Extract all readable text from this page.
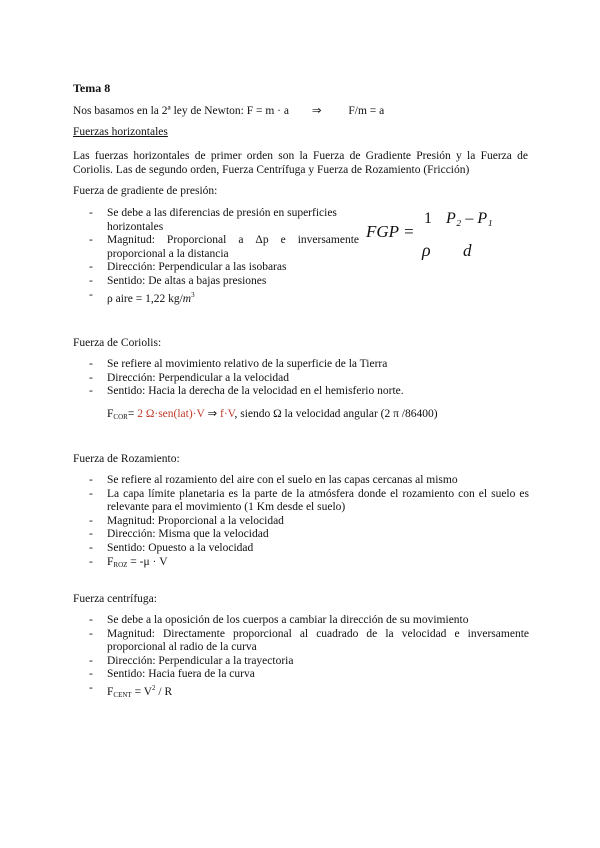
Tema 8
Nos basamos en la 2ª ley de Newton: F = m · a ⇒ F/m = a
Fuerzas horizontales
Las fuerzas horizontales de primer orden son la Fuerza de Gradiente Presión y la Fuerza de Coriolis. Las de segundo orden, Fuerza Centrífuga y Fuerza de Rozamiento (Fricción)
Fuerza de gradiente de presión:
- Se debe a las diferencias de presión en superficies horizontales
- Magnitud: Proporcional a Δp e inversamente proporcional a la distancia
- Dirección: Perpendicular a las isobaras
- Sentido: De altas a bajas presiones
- ρ aire = 1,22 $kg/m^3$
FGP =
1
ρ
P₂ – P₁
d
Fuerza de Coriolis:
- Se refiere al movimiento relativo de la superficie de la Tierra
- Dirección: Perpendicular a la velocidad
- Sentido: Hacia la derecha de la velocidad en el hemisferio norte.
$F_{COR}= 2$ Ω·sen(lat)·V ⇒ f·V, siendo Ω la velocidad angular (2 π /86400)
Fuerza de Rozamiento:
- Se refiere al rozamiento del aire con el suelo en las capas cercanas al mismo
- La capa límite planetaria es la parte de la atmósfera donde el rozamiento con el suelo es relevante para el movimiento (1 Km desde el suelo)
- Magnitud: Proporcional a la velocidad
- Dirección: Misma que la velocidad
- Sentido: Opuesto a la velocidad
- $F_{ROZ} = -\mu \cdot V$
Fuerza centrífuga:
- Se debe a la oposición de los cuerpos a cambiar la dirección de su movimiento
- Magnitud: Directamente proporcional al cuadrado de la velocidad e inversamente proporcional al radio de la curva
- Dirección: Perpendicular a la trayectoria
- Sentido: Hacia fuera de la curva
- $F_{CENT} = V^2 / R$
